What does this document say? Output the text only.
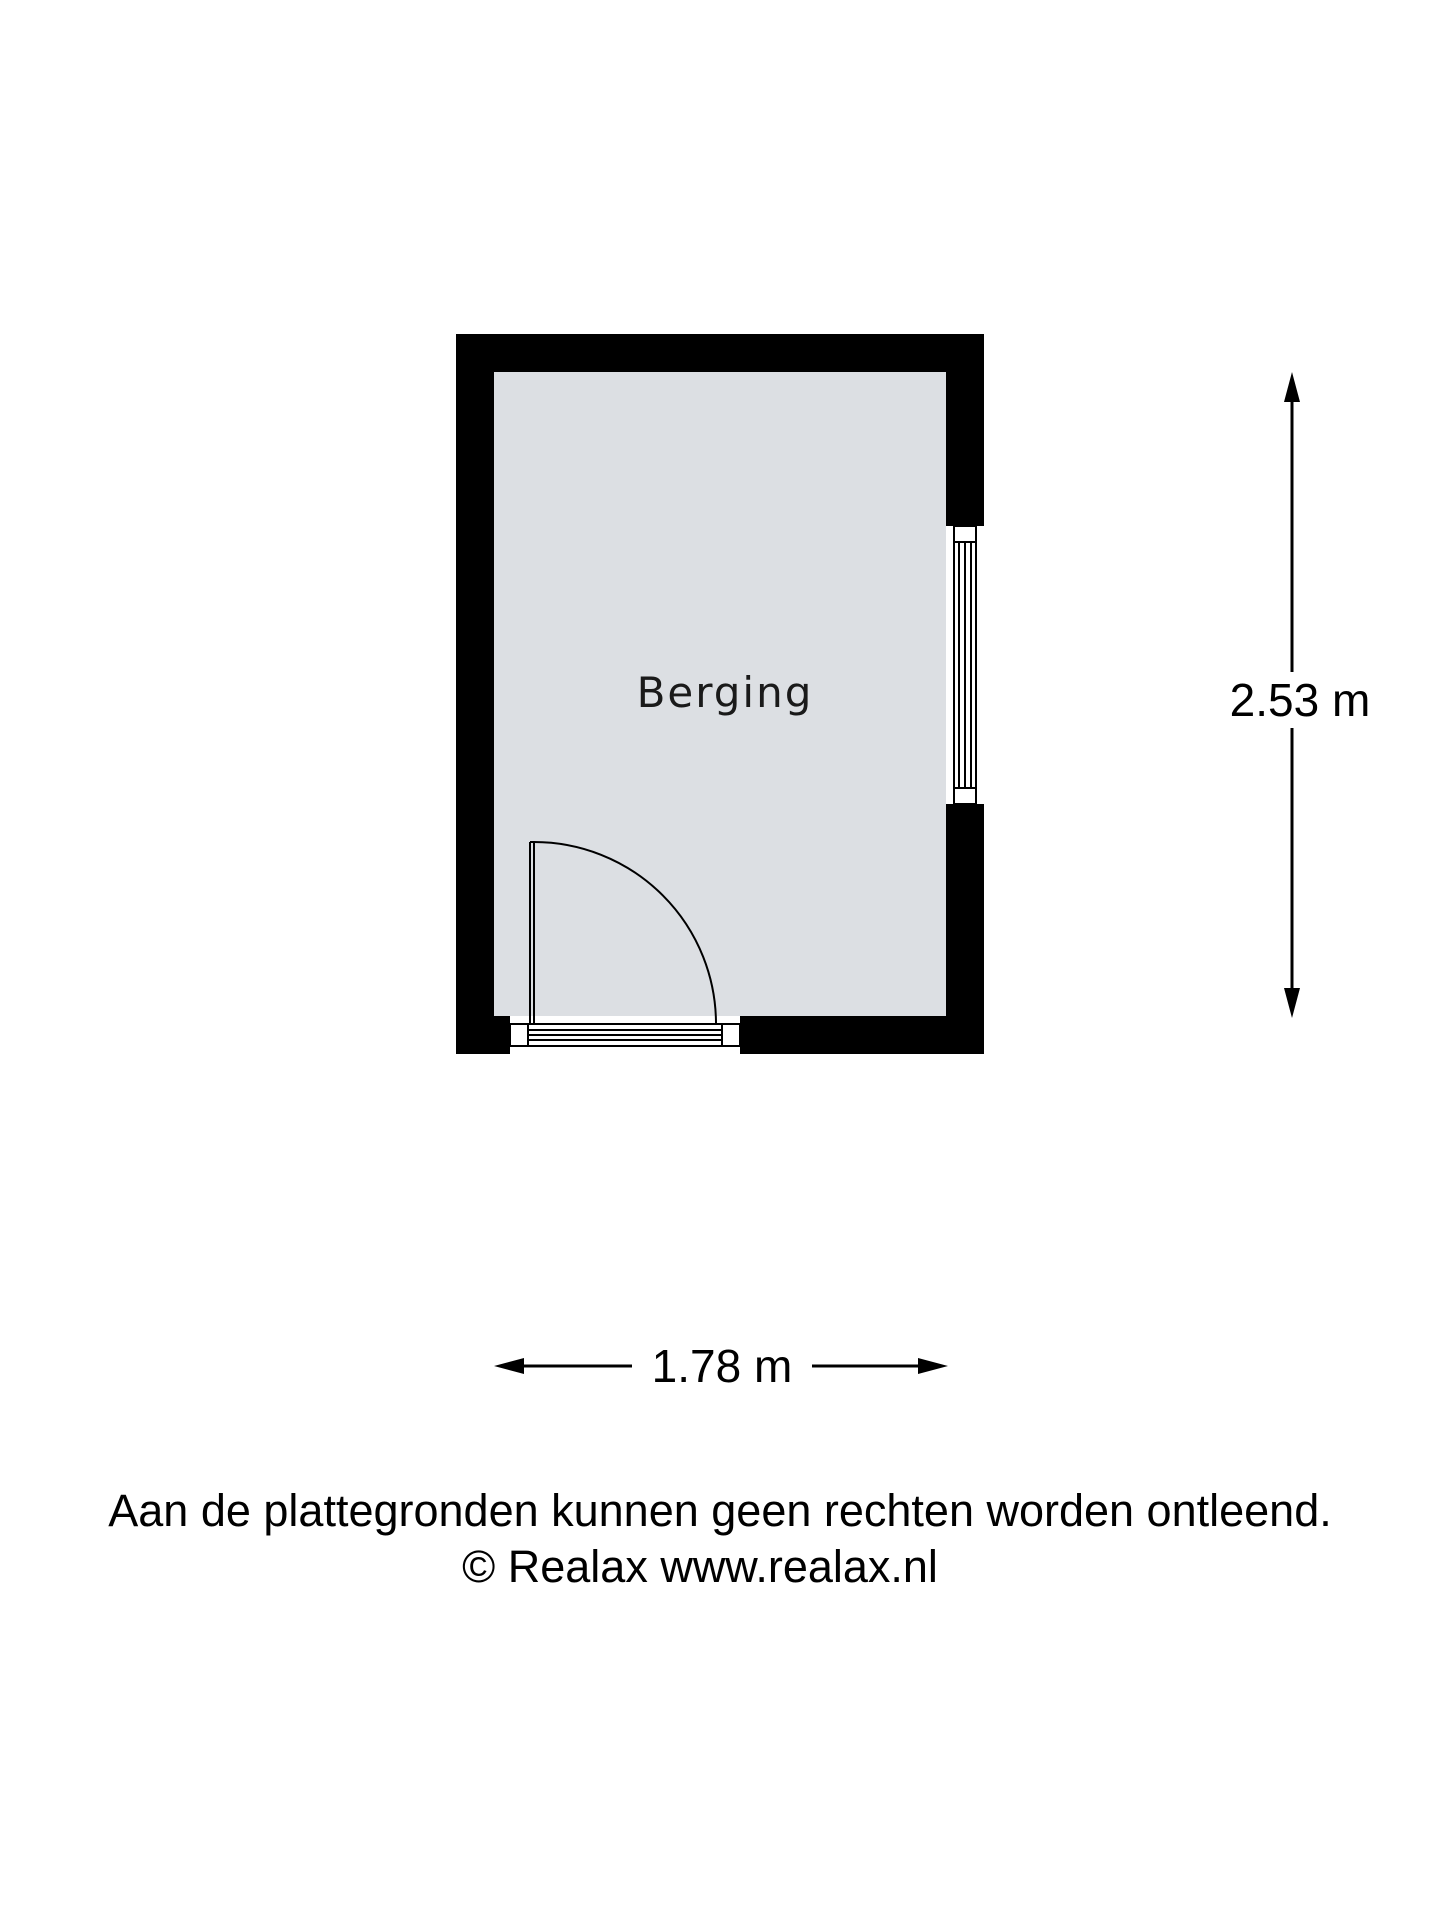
Berging	2.53 m
1.78 m
Aan de plattegronden kunnen geen rechten worden ontleend.
© Realax www.realax.nl
